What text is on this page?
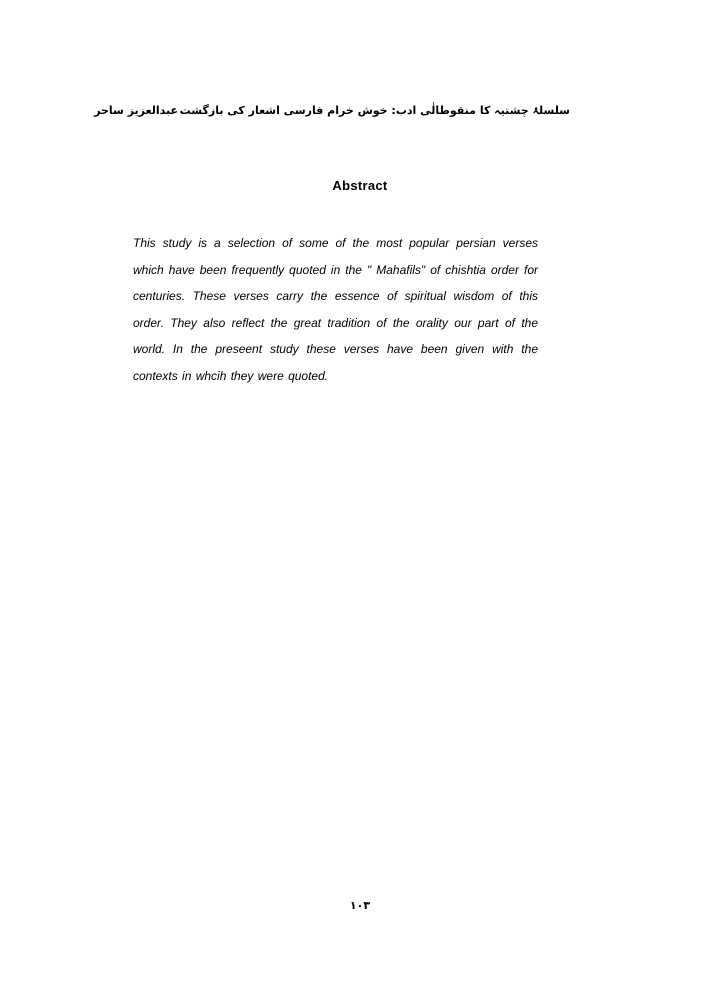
عبدالعزیز ساحر سلسلۂ چشتیہ کا منقوطالٰی ادب: خوش خرام فارسی اشعار کی بازگشت
Abstract
This study is a selection of some of the most popular persian verses which have been frequently quoted in the " Mahafils" of chishtia order for centuries. These verses carry the essence of spiritual wisdom of this order. They also reflect the great tradition of the orality our part of the world. In the preseent study these verses have been given with the contexts in whcih they were quoted.
۱۰۳
